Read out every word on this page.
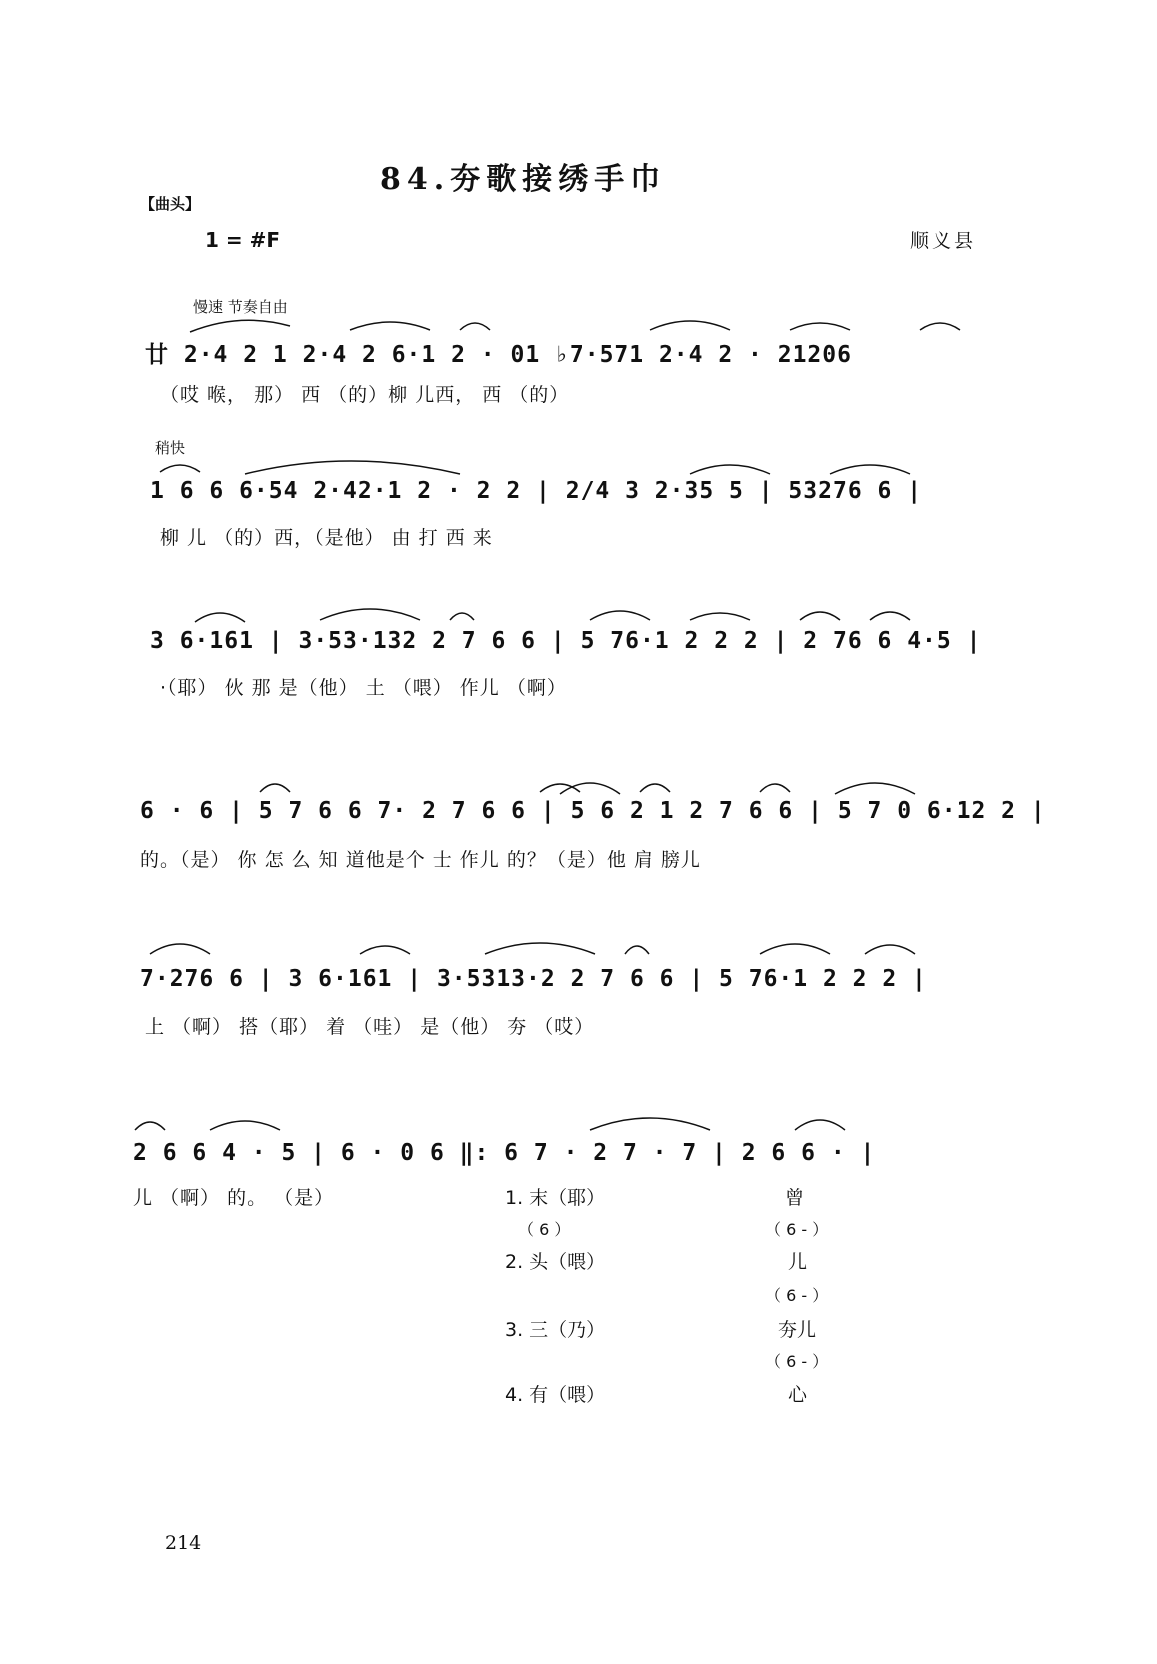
84.夯歌接绣手巾
【曲头】
1 = #F	顺义县
慢速 节奏自由
廿 2·4 2 1 2·4 2 6·1 2 · 01 ♭7·571 2·4 2 · 21206
（哎 喉， 那） 西 （的）柳 儿西， 西 （的）
稍快
1 6 6 6·54 2·42·1 2 · 2 2 | 2/4 3 2·35 5 | 53276 6 |
柳 儿 （的）西，（是他） 由 打 西 来
3 6·161 | 3·53·132 2 7 6 6 | 5 76·1 2 2 2 | 2 76 6 4·5 |
·（耶） 伙 那 是（他） 土 （喂） 作儿 （啊）
6 · 6 | 5 7 6 6 7· 2 7 6 6 | 5 6 2 1 2 7 6 6 | 5 7 0 6·12 2 |
的。（是） 你 怎 么 知 道他是个 士 作儿 的？（是）他 肩 膀儿
7·276 6 | 3 6·161 | 3·5313·2 2 7 6 6 | 5 76·1 2 2 2 |
上 （啊） 搭（耶） 着 （哇） 是（他） 夯 （哎）
2 6 6 4 · 5 | 6 · 0 6 ‖: 6 7 · 2 7 · 7 | 2 6 6 · |
儿 （啊） 的。 （是）	1. 末（耶）
（ 6 ）
曾
（ 6 - ）
2. 头（喂）	儿
（ 6 - ）
3. 三（乃）	夯儿
（ 6 - ）
4. 有（喂）	心
214
